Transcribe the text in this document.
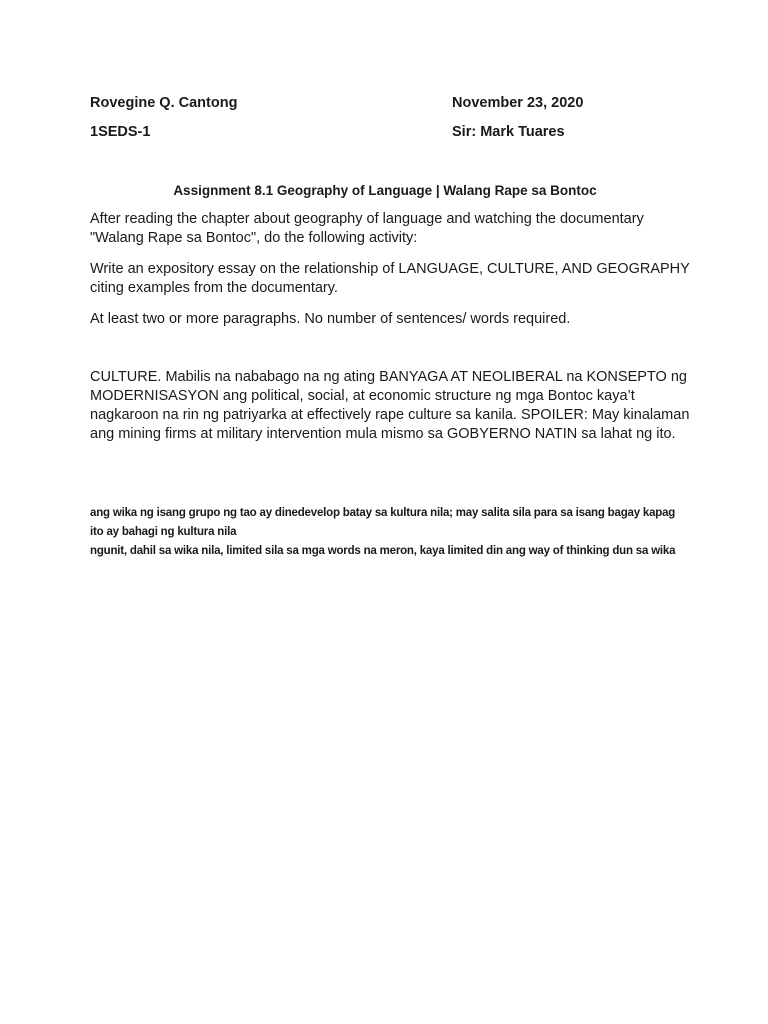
Rovegine Q. Cantong	November 23, 2020
1SEDS-1	Sir: Mark Tuares
Assignment 8.1 Geography of Language | Walang Rape sa Bontoc

After reading the chapter about geography of language and watching the documentary "Walang Rape sa Bontoc", do the following activity:

Write an expository essay on the relationship of LANGUAGE, CULTURE, AND GEOGRAPHY citing examples from the documentary.

At least two or more paragraphs. No number of sentences/ words required.

CULTURE. Mabilis na nababago na ng ating BANYAGA AT NEOLIBERAL na KONSEPTO ng MODERNISASYON ang political, social, at economic structure ng mga Bontoc kaya’t nagkaroon na rin ng patriyarka at effectively rape culture sa kanila. SPOILER: May kinalaman ang mining firms at military intervention mula mismo sa GOBYERNO NATIN sa lahat ng ito.

ang wika ng isang grupo ng tao ay dinedevelop batay sa kultura nila; may salita sila para sa isang bagay kapag ito ay bahagi ng kultura nila

ngunit, dahil sa wika nila, limited sila sa mga words na meron, kaya limited din ang way of thinking dun sa wika
